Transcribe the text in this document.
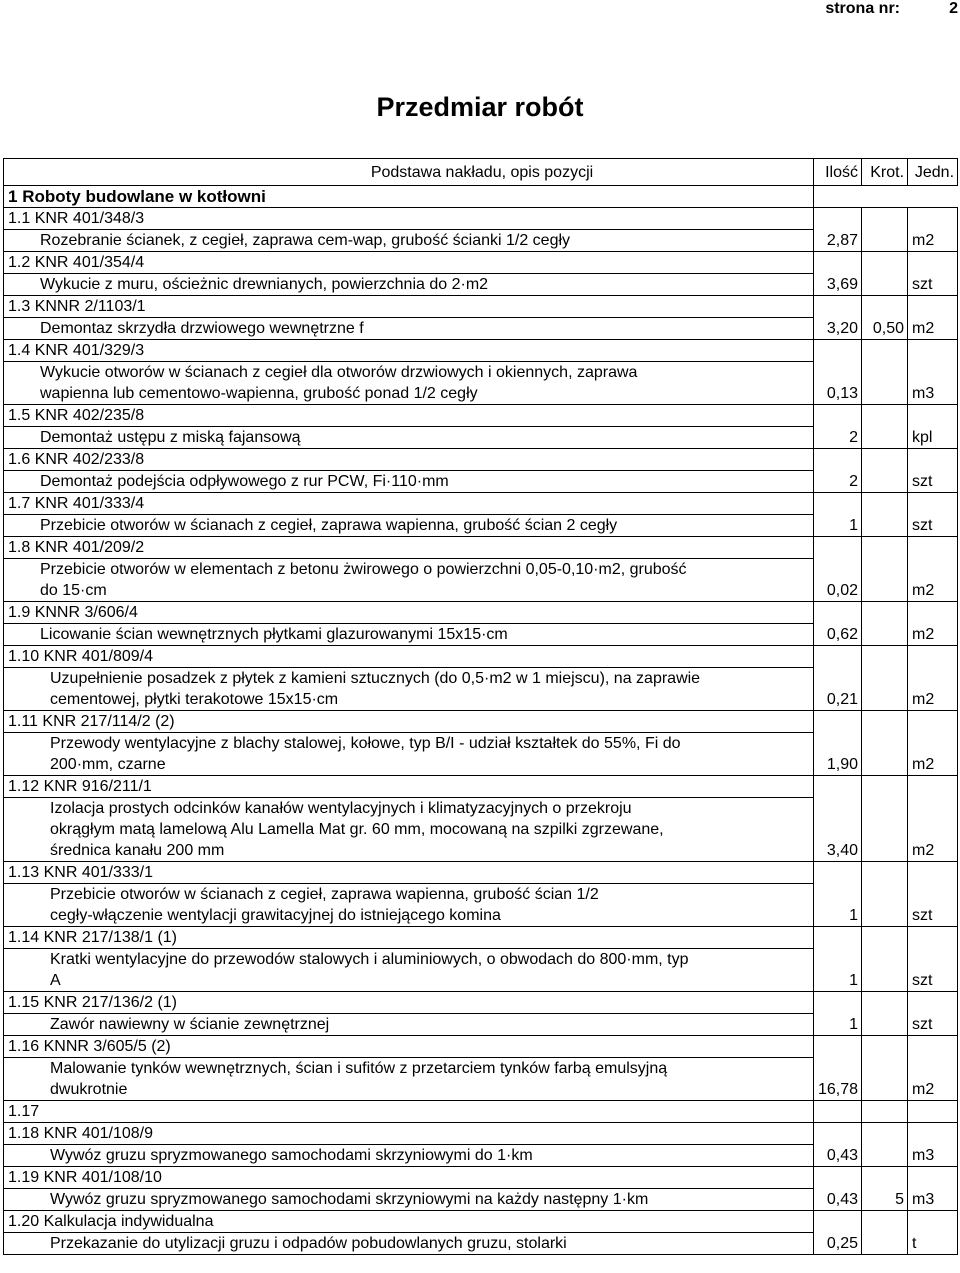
strona nr:	2
Przedmiar robót
Podstawa nakładu, opis pozycji	Ilość	Krot.	Jedn.
1 Roboty budowlane w kotłowni			
1.1 KNR 401/348/3			

Rozebranie ścianek, z cegieł, zaprawa cem-wap, grubość ścianki 1/2 cegły	2,87		m2
1.2 KNR 401/354/4			

Wykucie z muru, ościeżnic drewnianych, powierzchnia do 2·m2	3,69		szt
1.3 KNNR 2/1103/1			

Demontaz skrzydła drzwiowego wewnętrzne f	3,20	0,50	m2
1.4 KNR 401/329/3			

Wykucie otworów w ścianach z cegieł dla otworów drzwiowych i okiennych, zaprawa
wapienna lub cementowo-wapienna, grubość ponad 1/2 cegły	0,13		m3
1.5 KNR 402/235/8			

Demontaż ustępu z miską fajansową	2		kpl
1.6 KNR 402/233/8			

Demontaż podejścia odpływowego z rur PCW, Fi·110·mm	2		szt
1.7 KNR 401/333/4			

Przebicie otworów w ścianach z cegieł, zaprawa wapienna, grubość ścian 2 cegły	1		szt
1.8 KNR 401/209/2			

Przebicie otworów w elementach z betonu żwirowego o powierzchni 0,05-0,10·m2, grubość
do 15·cm	0,02		m2
1.9 KNNR 3/606/4			

Licowanie ścian wewnętrznych płytkami glazurowanymi 15x15·cm	0,62		m2
1.10 KNR 401/809/4			

Uzupełnienie posadzek z płytek z kamieni sztucznych (do 0,5·m2 w 1 miejscu), na zaprawie
cementowej, płytki terakotowe 15x15·cm	0,21		m2
1.11 KNR 217/114/2 (2)			

Przewody wentylacyjne z blachy stalowej, kołowe, typ B/I - udział kształtek do 55%, Fi do
200·mm, czarne	1,90		m2
1.12 KNR 916/211/1			

Izolacja prostych odcinków kanałów wentylacyjnych i klimatyzacyjnych o przekroju
okrągłym matą lamelową Alu Lamella Mat gr. 60 mm, mocowaną na szpilki zgrzewane,
średnica kanału 200 mm	3,40		m2
1.13 KNR 401/333/1			

Przebicie otworów w ścianach z cegieł, zaprawa wapienna, grubość ścian 1/2
cegły-włączenie wentylacji grawitacyjnej do istniejącego komina	1		szt
1.14 KNR 217/138/1 (1)			

Kratki wentylacyjne do przewodów stalowych i aluminiowych, o obwodach do 800·mm, typ
A	1		szt
1.15 KNR 217/136/2 (1)			

Zawór nawiewny w ścianie zewnętrznej	1		szt
1.16 KNNR 3/605/5 (2)			

Malowanie tynków wewnętrznych, ścian i sufitów z przetarciem tynków farbą emulsyjną
dwukrotnie	16,78		m2
1.17			
1.18 KNR 401/108/9			

Wywóz gruzu spryzmowanego samochodami skrzyniowymi do 1·km	0,43		m3
1.19 KNR 401/108/10			

Wywóz gruzu spryzmowanego samochodami skrzyniowymi na każdy następny 1·km	0,43	5	m3
1.20 Kalkulacja indywidualna			

Przekazanie do utylizacji gruzu i odpadów pobudowlanych gruzu, stolarki	0,25		t
